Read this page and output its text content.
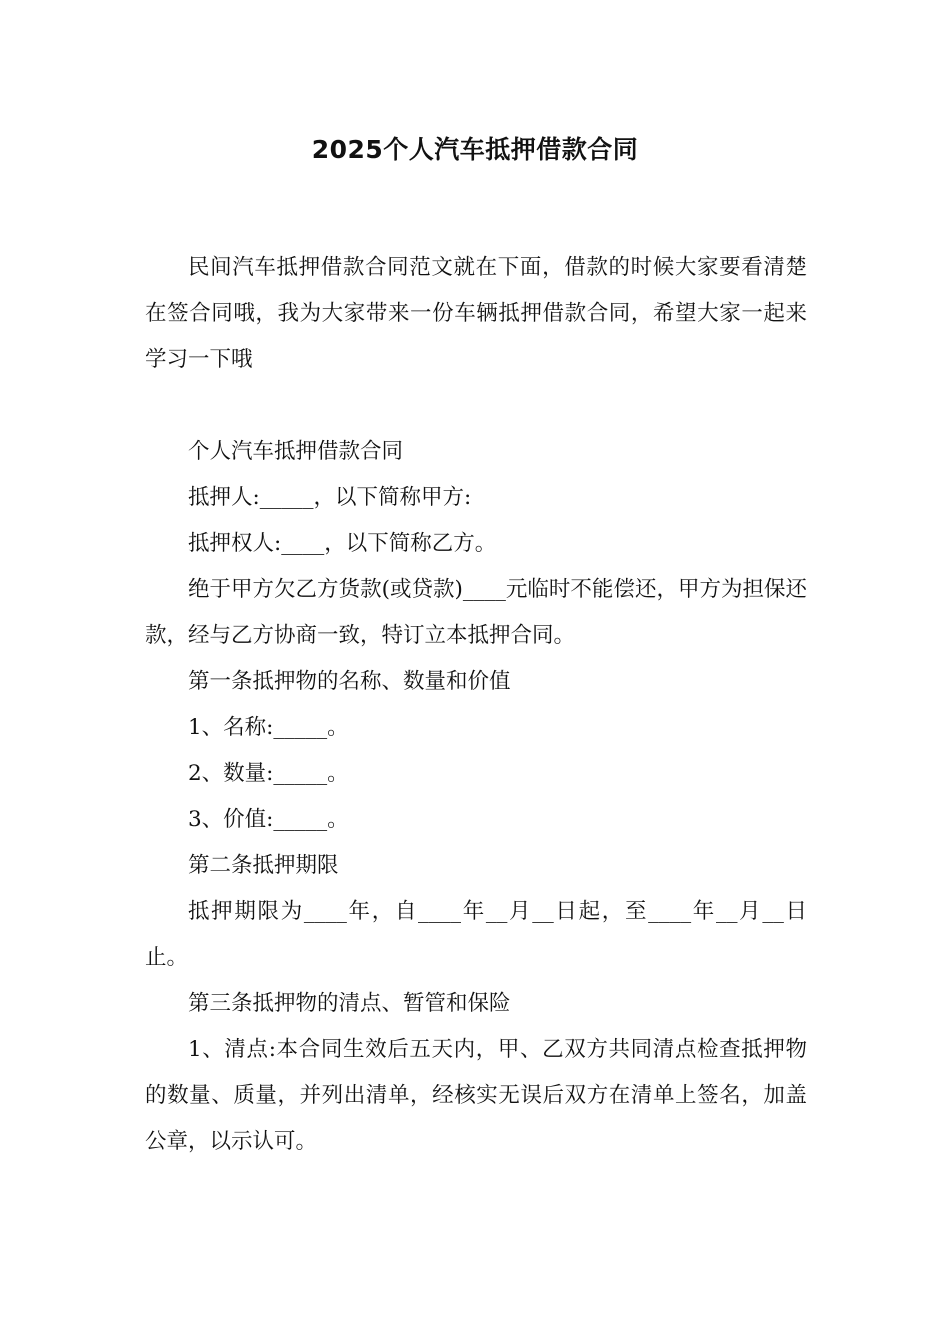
2025个人汽车抵押借款合同

民间汽车抵押借款合同范文就在下面，借款的时候大家要看清楚在签合同哦，我为大家带来一份车辆抵押借款合同，希望大家一起来学习一下哦

个人汽车抵押借款合同

抵押人:_____，以下简称甲方:

抵押权人:____，以下简称乙方。

绝于甲方欠乙方货款(或贷款)____元临时不能偿还，甲方为担保还款，经与乙方协商一致，特订立本抵押合同。

第一条抵押物的名称、数量和价值

1、名称:_____。

2、数量:_____。

3、价值:_____。

第二条抵押期限

抵押期限为____年，自____年__月__日起，至____年__月__日止。

第三条抵押物的清点、暂管和保险

1、清点:本合同生效后五天内，甲、乙双方共同清点检查抵押物的数量、质量，并列出清单，经核实无误后双方在清单上签名，加盖公章，以示认可。
